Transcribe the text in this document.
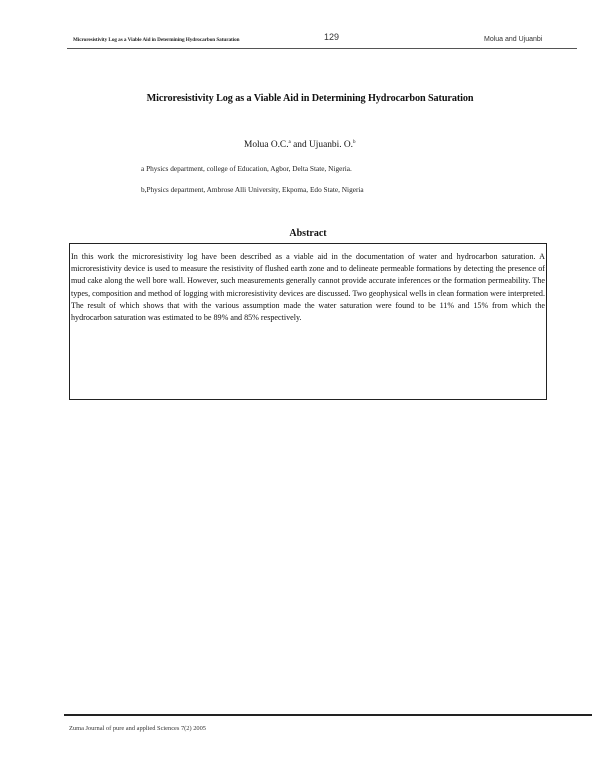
Microresistivity Log as a Viable Aid in Determining Hydrocarbon Saturation	129	Molua and Ujuanbi
Microresistivity Log as a Viable Aid in Determining Hydrocarbon Saturation
Molua O.C.$^a$ and Ujuanbi. O.$^b$
a Physics department, college of Education, Agbor, Delta State, Nigeria.
b,Physics department, Ambrose Alli University, Ekpoma, Edo State, Nigeria
Abstract
In this work the microresistivity log have been described as a viable aid in the documentation of water and hydrocarbon saturation. A microresistivity device is used to measure the resistivity of flushed earth zone and to delineate permeable formations by detecting the presence of mud cake along the well bore wall. However, such measurements generally cannot provide accurate inferences or the formation permeability. The types, composition and method of logging with microresistivity devices are discussed. Two geophysical wells in clean formation were interpreted. The result of which shows that with the various assumption made the water saturation were found to be 11% and 15% from which the hydrocarbon saturation was estimated to be 89% and 85% respectively.
Zuma Journal of pure and applied Sciences 7(2) 2005
